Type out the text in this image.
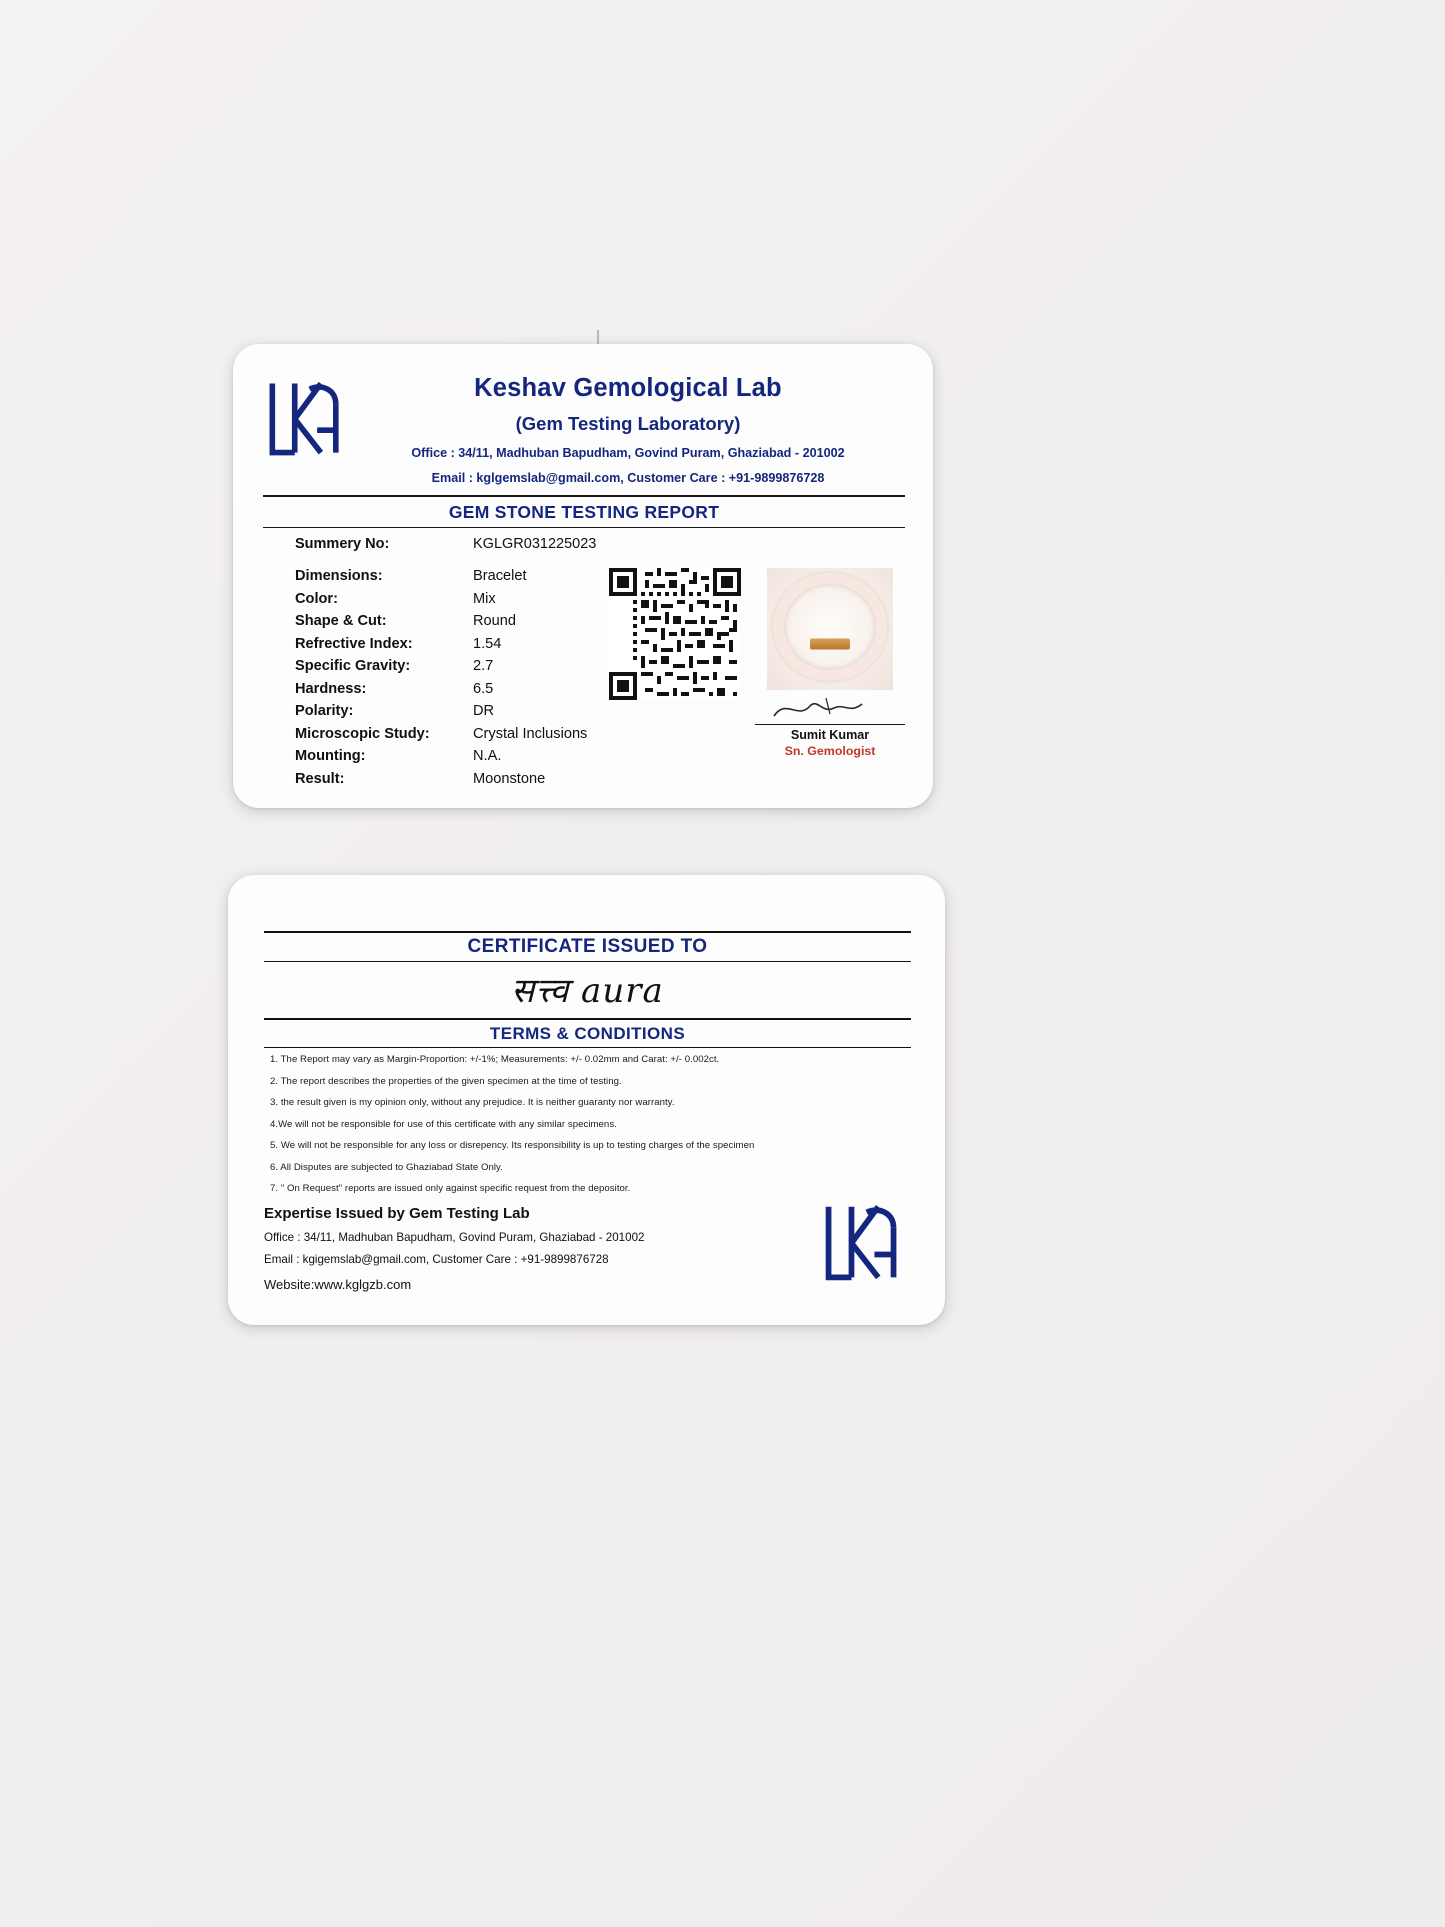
Keshav Gemological Lab
(Gem Testing Laboratory)
Office : 34/11, Madhuban Bapudham, Govind Puram, Ghaziabad - 201002
Email : kglgemslab@gmail.com, Customer Care : +91-9899876728
GEM STONE TESTING REPORT
Summery No:	KGLGR031225023
Dimensions:	Bracelet
Color:	Mix
Shape & Cut:	Round
Refrective Index:	1.54
Specific Gravity:	2.7
Hardness:	6.5
Polarity:	DR
Microscopic Study:	Crystal Inclusions
Mounting:	N.A.
Result:	Moonstone
Sumit Kumar
Sn. Gemologist
CERTIFICATE ISSUED TO
सत्त्व aura
TERMS & CONDITIONS
1. The Report may vary as Margin-Proportion: +/-1%; Measurements: +/- 0.02mm and Carat: +/- 0.002ct.
2. The report describes the properties of the given specimen at the time of testing.
3. the result given is my opinion only, without any prejudice. It is neither guaranty nor warranty.
4.We will not be responsible for use of this certificate with any similar specimens.
5. We will not be responsible for any loss or disrepency. Its responsibility is up to testing charges of the specimen
6. All Disputes are subjected to Ghaziabad State Only.
7. " On Request" reports are issued only against specific request from the depositor.
Expertise Issued by Gem Testing Lab
Office : 34/11, Madhuban Bapudham, Govind Puram, Ghaziabad - 201002
Email : kgigemslab@gmail.com, Customer Care : +91-9899876728
Website:www.kglgzb.com
